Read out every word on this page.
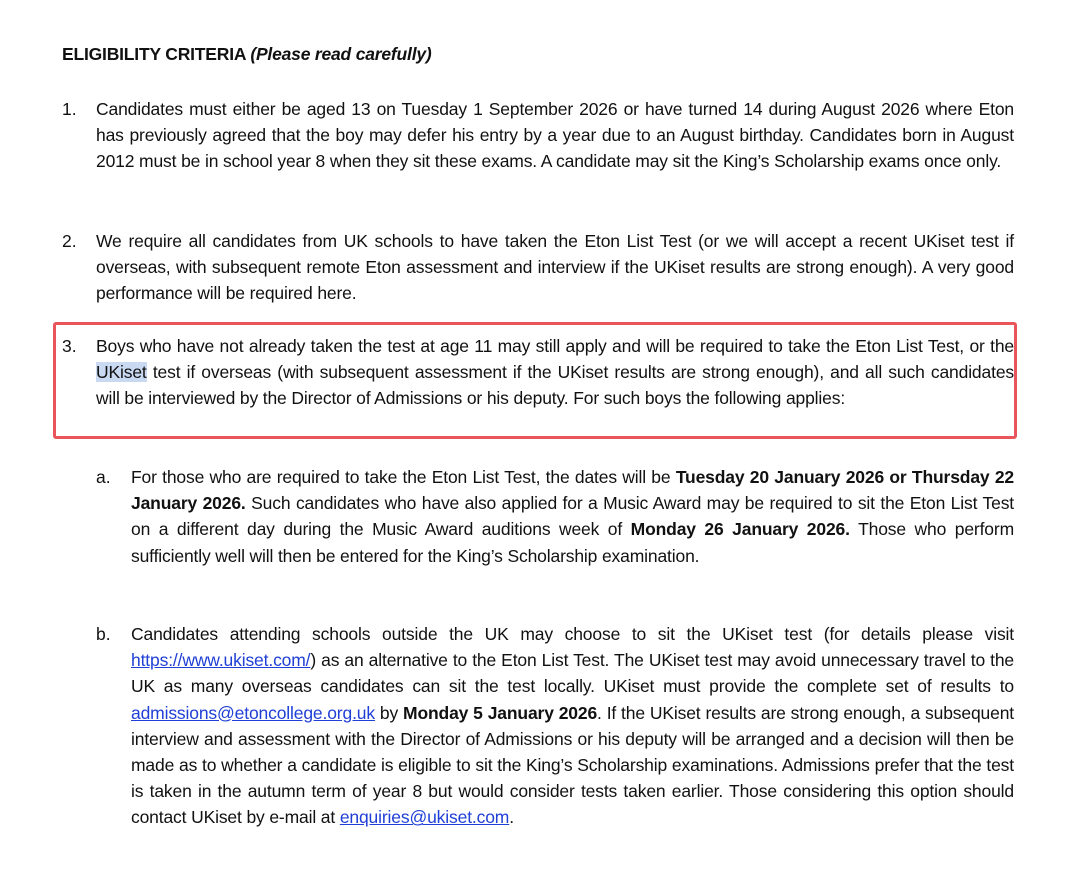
ELIGIBILITY CRITERIA (Please read carefully)
1. Candidates must either be aged 13 on Tuesday 1 September 2026 or have turned 14 during August 2026 where Eton has previously agreed that the boy may defer his entry by a year due to an August birthday. Candidates born in August 2012 must be in school year 8 when they sit these exams. A candidate may sit the King’s Scholarship exams once only.
2. We require all candidates from UK schools to have taken the Eton List Test (or we will accept a recent UKiset test if overseas, with subsequent remote Eton assessment and interview if the UKiset results are strong enough). A very good performance will be required here.
3. Boys who have not already taken the test at age 11 may still apply and will be required to take the Eton List Test, or the UKiset test if overseas (with subsequent assessment if the UKiset results are strong enough), and all such candidates will be interviewed by the Director of Admissions or his deputy. For such boys the following applies:
a. For those who are required to take the Eton List Test, the dates will be Tuesday 20 January 2026 or Thursday 22 January 2026. Such candidates who have also applied for a Music Award may be required to sit the Eton List Test on a different day during the Music Award auditions week of Monday 26 January 2026. Those who perform sufficiently well will then be entered for the King’s Scholarship examination.
b. Candidates attending schools outside the UK may choose to sit the UKiset test (for details please visit https://www.ukiset.com/) as an alternative to the Eton List Test. The UKiset test may avoid unnecessary travel to the UK as many overseas candidates can sit the test locally. UKiset must provide the complete set of results to admissions@etoncollege.org.uk by Monday 5 January 2026. If the UKiset results are strong enough, a subsequent interview and assessment with the Director of Admissions or his deputy will be arranged and a decision will then be made as to whether a candidate is eligible to sit the King’s Scholarship examinations. Admissions prefer that the test is taken in the autumn term of year 8 but would consider tests taken earlier. Those considering this option should contact UKiset by e-mail at enquiries@ukiset.com.
